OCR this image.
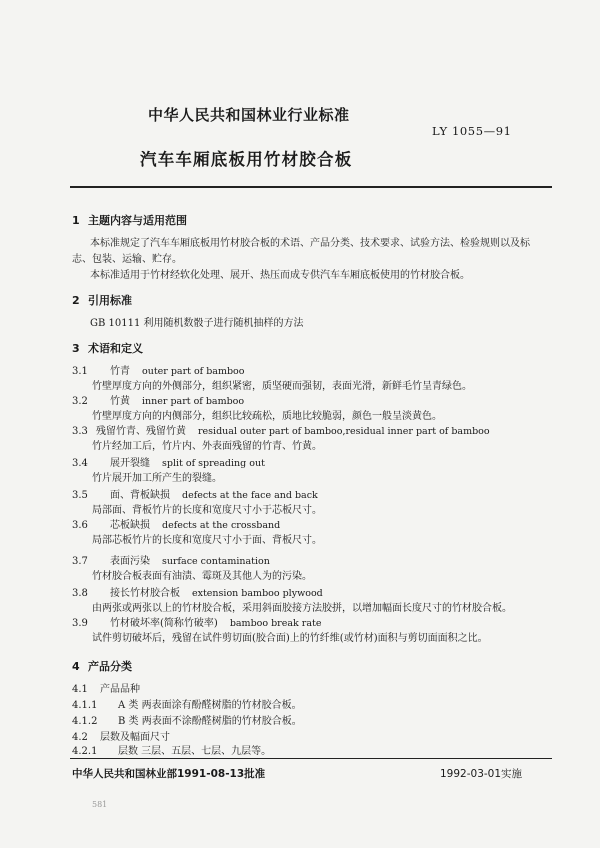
中华人民共和国林业行业标准
LY 1055—91
汽车车厢底板用竹材胶合板
1 主题内容与适用范围
本标准规定了汽车车厢底板用竹材胶合板的术语、产品分类、技术要求、试验方法、检验规则以及标
志、包装、运输、贮存。
本标准适用于竹材经软化处理、展开、热压而成专供汽车车厢底板使用的竹材胶合板。
2 引用标准
GB 10111 利用随机数骰子进行随机抽样的方法
3 术语和定义
3.1 竹青 outer part of bamboo
竹壁厚度方向的外侧部分，组织紧密，质坚硬而强韧，表面光滑，新鲜毛竹呈青绿色。
3.2 竹黄 inner part of bamboo
竹壁厚度方向的内侧部分，组织比较疏松，质地比较脆弱，颜色一般呈淡黄色。
3.3 残留竹青、残留竹黄 residual outer part of bamboo,residual inner part of bamboo
竹片经加工后，竹片内、外表面残留的竹青、竹黄。
3.4 展开裂缝 split of spreading out
竹片展开加工所产生的裂缝。
3.5 面、背板缺损 defects at the face and back
局部面、背板竹片的长度和宽度尺寸小于芯板尺寸。
3.6 芯板缺损 defects at the crossband
局部芯板竹片的长度和宽度尺寸小于面、背板尺寸。
3.7 表面污染 surface contamination
竹材胶合板表面有油渍、霉斑及其他人为的污染。
3.8 接长竹材胶合板 extension bamboo plywood
由两张或两张以上的竹材胶合板，采用斜面胶接方法胶拼，以增加幅面长度尺寸的竹材胶合板。
3.9 竹材破坏率(简称竹破率) bamboo break rate
试件剪切破坏后，残留在试件剪切面(胶合面)上的竹纤维(或竹材)面积与剪切面面积之比。
4 产品分类
4.1 产品品种
4.1.1 A 类 两表面涂有酚醛树脂的竹材胶合板。
4.1.2 B 类 两表面不涂酚醛树脂的竹材胶合板。
4.2 层数及幅面尺寸
4.2.1 层数 三层、五层、七层、九层等。
中华人民共和国林业部1991-08-13批准	1992-03-01实施
581
